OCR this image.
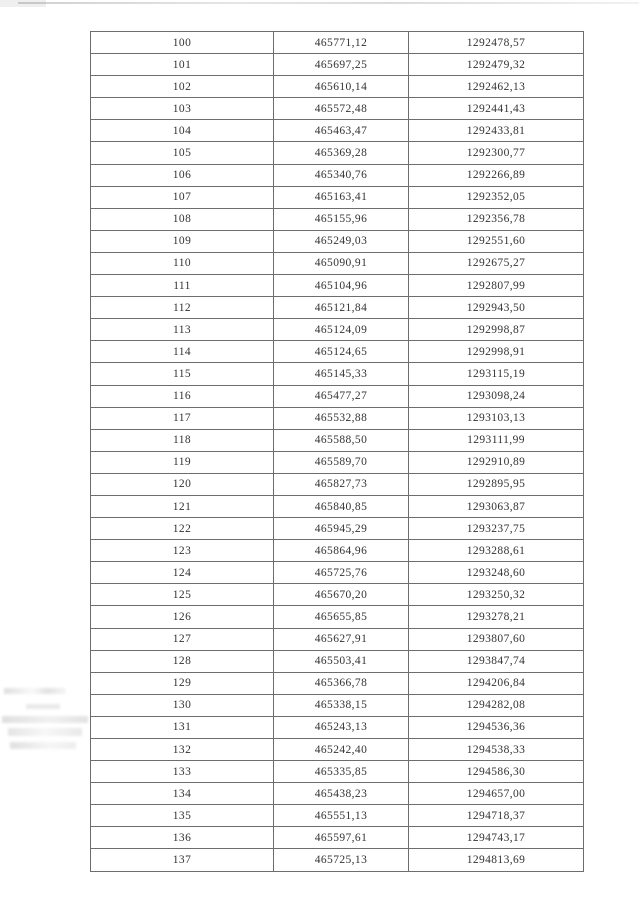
100	465771,12	1292478,57
101	465697,25	1292479,32
102	465610,14	1292462,13
103	465572,48	1292441,43
104	465463,47	1292433,81
105	465369,28	1292300,77
106	465340,76	1292266,89
107	465163,41	1292352,05
108	465155,96	1292356,78
109	465249,03	1292551,60
110	465090,91	1292675,27
111	465104,96	1292807,99
112	465121,84	1292943,50
113	465124,09	1292998,87
114	465124,65	1292998,91
115	465145,33	1293115,19
116	465477,27	1293098,24
117	465532,88	1293103,13
118	465588,50	1293111,99
119	465589,70	1292910,89
120	465827,73	1292895,95
121	465840,85	1293063,87
122	465945,29	1293237,75
123	465864,96	1293288,61
124	465725,76	1293248,60
125	465670,20	1293250,32
126	465655,85	1293278,21
127	465627,91	1293807,60
128	465503,41	1293847,74
129	465366,78	1294206,84
130	465338,15	1294282,08
131	465243,13	1294536,36
132	465242,40	1294538,33
133	465335,85	1294586,30
134	465438,23	1294657,00
135	465551,13	1294718,37
136	465597,61	1294743,17
137	465725,13	1294813,69
